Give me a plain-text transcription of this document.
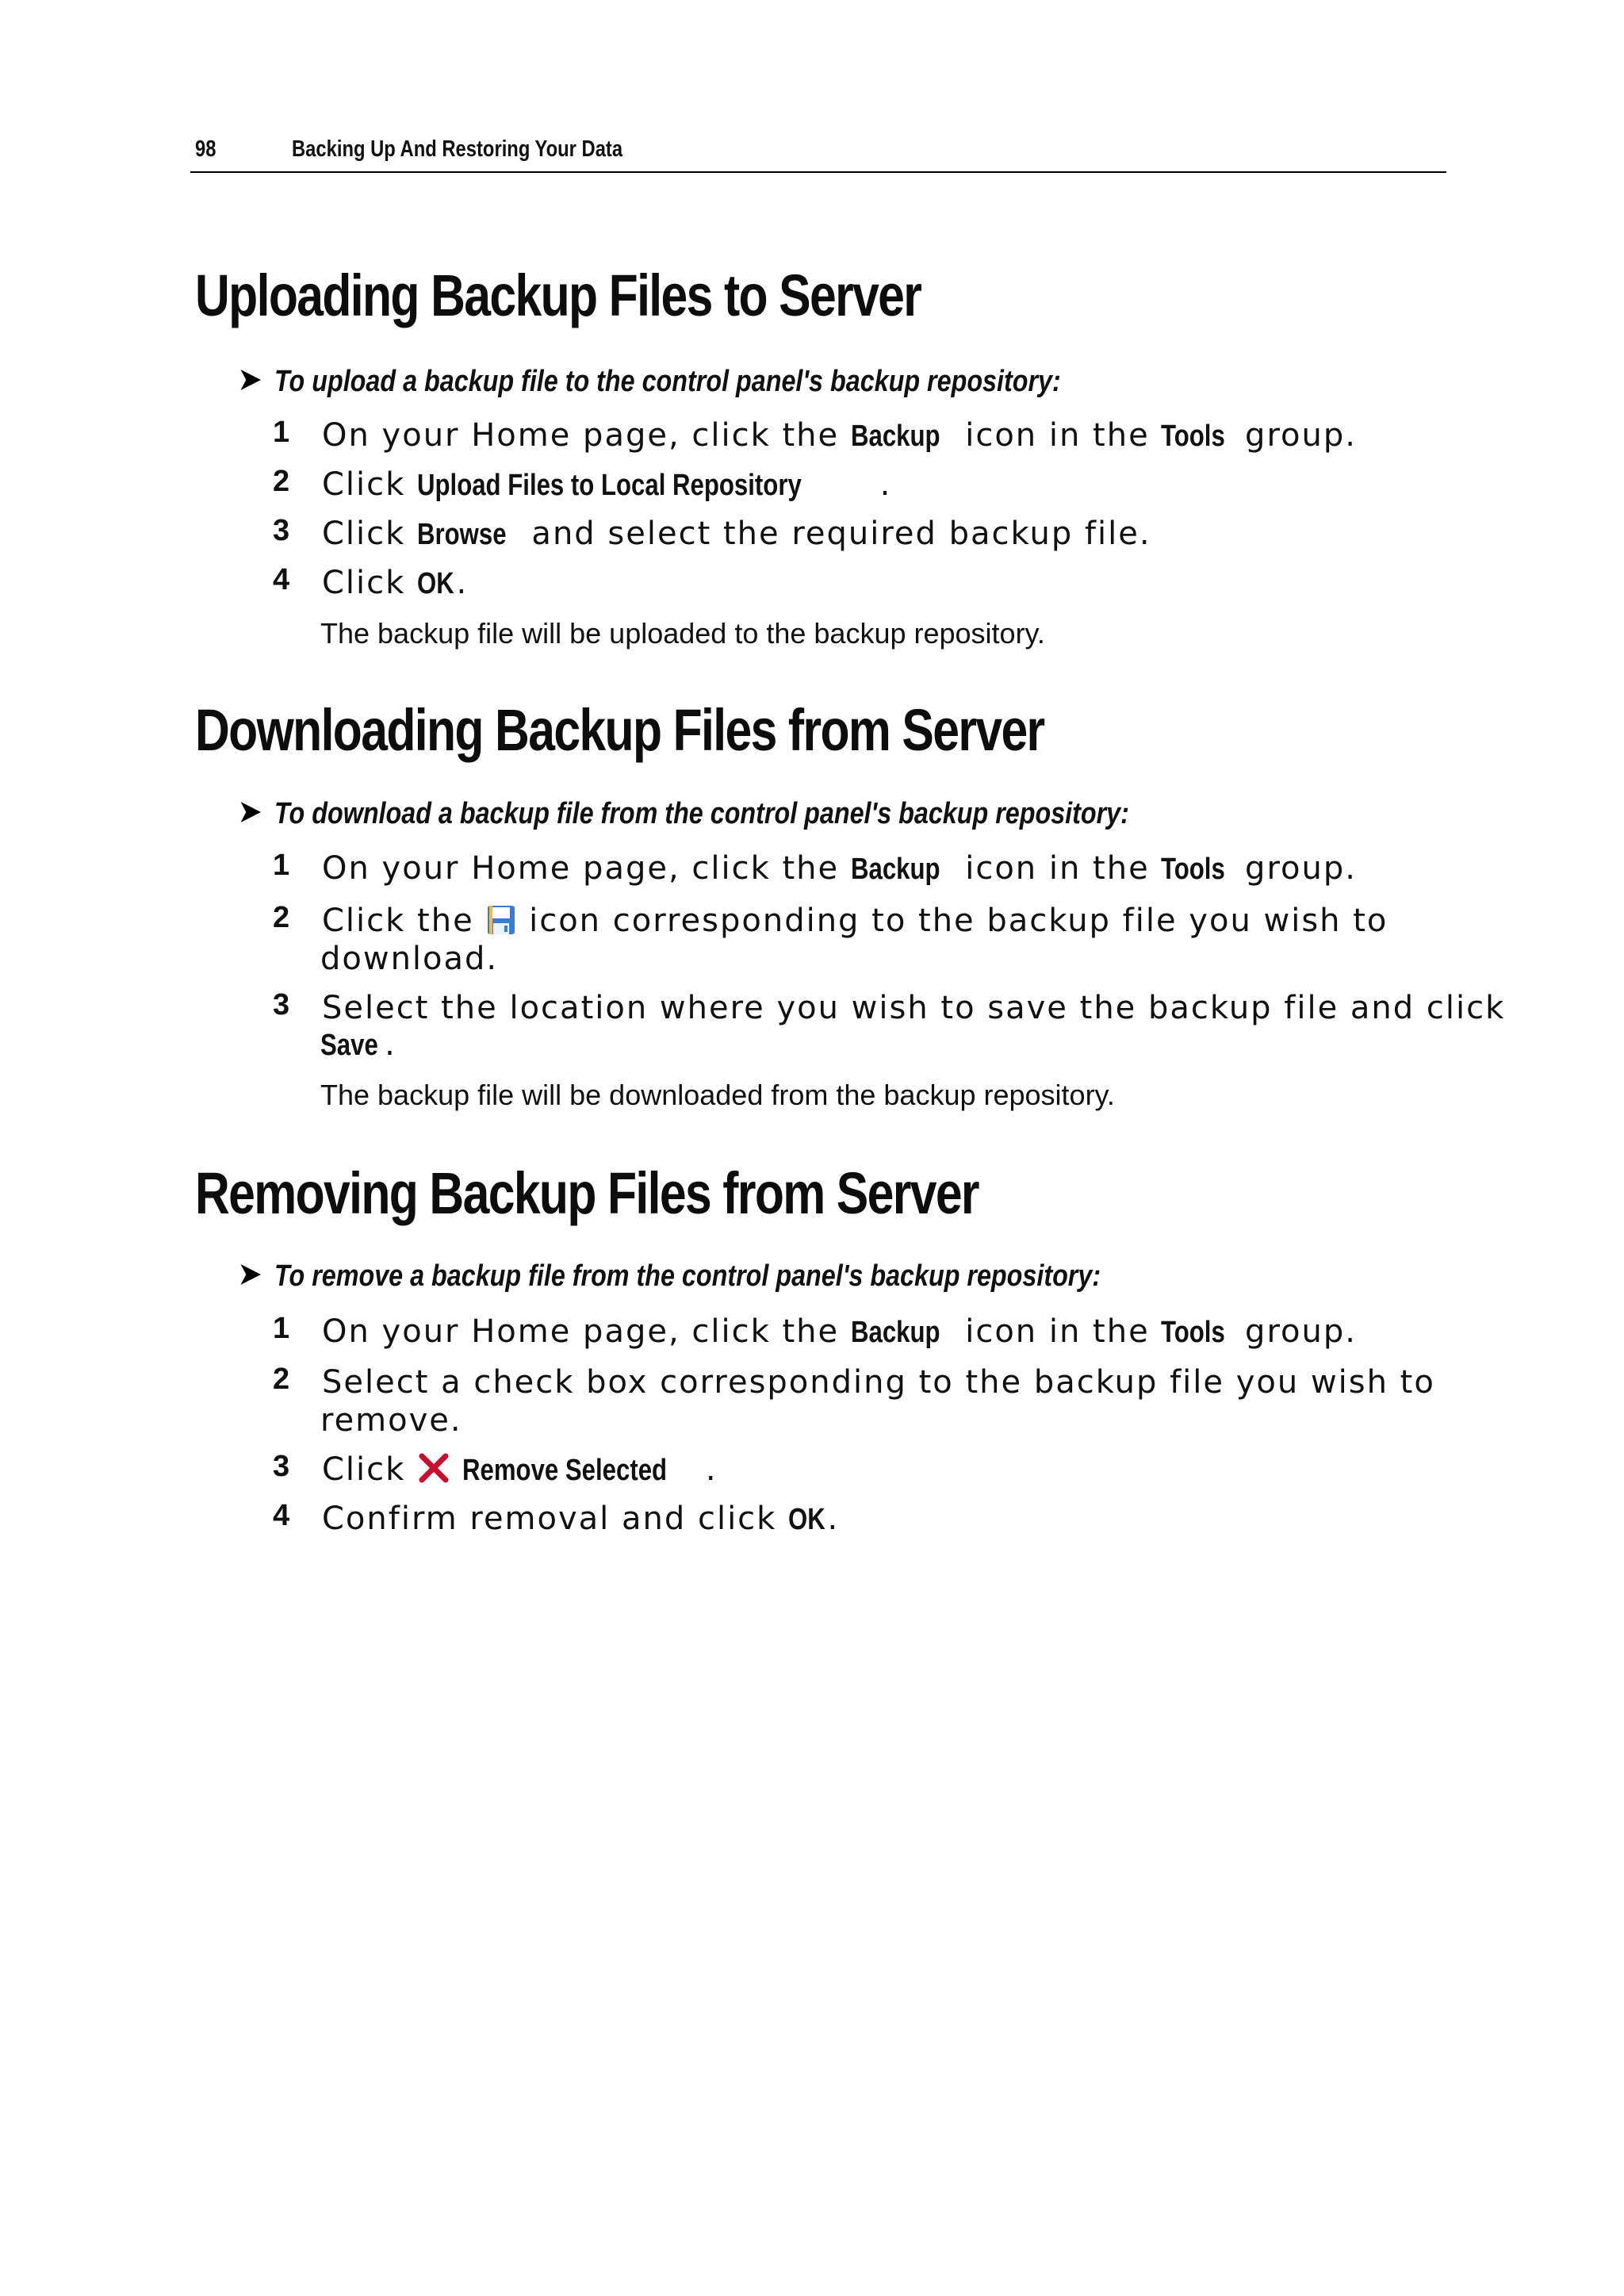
98	Backing Up And Restoring Your Data
Uploading Backup Files to Server
To upload a backup file to the control panel's backup repository:
1 On your Home page, click the Backup icon in the Tools group.
2 Click Upload Files to Local Repository .
3 Click Browse and select the required backup file.
4 Click OK.
The backup file will be uploaded to the backup repository.
Downloading Backup Files from Server
To download a backup file from the control panel's backup repository:
1 On your Home page, click the Backup icon in the Tools group.
2 Click the  icon corresponding to the backup file you wish to
download.
3 Select the location where you wish to save the backup file and click
Save .
The backup file will be downloaded from the backup repository.
Removing Backup Files from Server
To remove a backup file from the control panel's backup repository:
1 On your Home page, click the Backup icon in the Tools group.
2 Select a check box corresponding to the backup file you wish to
remove.
3 Click  Remove Selected .
4 Confirm removal and click OK.
